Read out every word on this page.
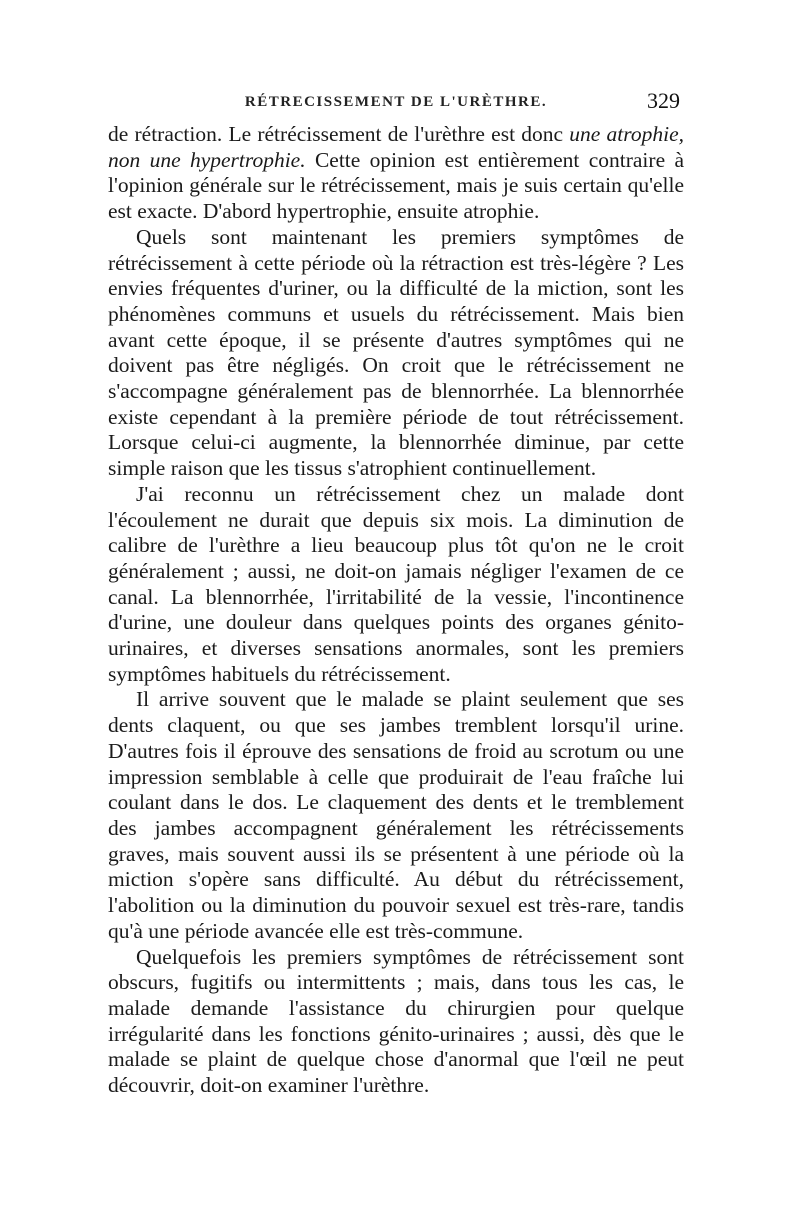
RÉTRECISSEMENT DE L'URÈTHRE.	329

de rétraction. Le rétrécissement de l'urèthre est donc une atrophie, non une hypertrophie. Cette opinion est entièrement contraire à l'opinion générale sur le rétrécissement, mais je suis certain qu'elle est exacte. D'abord hypertrophie, ensuite atrophie.

Quels sont maintenant les premiers symptômes de rétrécissement à cette période où la rétraction est très-légère ? Les envies fréquentes d'uriner, ou la difficulté de la miction, sont les phénomènes communs et usuels du rétrécissement. Mais bien avant cette époque, il se présente d'autres symptômes qui ne doivent pas être négligés. On croit que le rétrécissement ne s'accompagne généralement pas de blennorrhée. La blennorrhée existe cependant à la première période de tout rétrécissement. Lorsque celui-ci augmente, la blennorrhée diminue, par cette simple raison que les tissus s'atrophient continuellement.

J'ai reconnu un rétrécissement chez un malade dont l'écoulement ne durait que depuis six mois. La diminution de calibre de l'urèthre a lieu beaucoup plus tôt qu'on ne le croit généralement ; aussi, ne doit-on jamais négliger l'examen de ce canal. La blennorrhée, l'irritabilité de la vessie, l'incontinence d'urine, une douleur dans quelques points des organes génito-urinaires, et diverses sensations anormales, sont les premiers symptômes habituels du rétrécissement.

Il arrive souvent que le malade se plaint seulement que ses dents claquent, ou que ses jambes tremblent lorsqu'il urine. D'autres fois il éprouve des sensations de froid au scrotum ou une impression semblable à celle que produirait de l'eau fraîche lui coulant dans le dos. Le claquement des dents et le tremblement des jambes accompagnent généralement les rétrécissements graves, mais souvent aussi ils se présentent à une période où la miction s'opère sans difficulté. Au début du rétrécissement, l'abolition ou la diminution du pouvoir sexuel est très-rare, tandis qu'à une période avancée elle est très-commune.

Quelquefois les premiers symptômes de rétrécissement sont obscurs, fugitifs ou intermittents ; mais, dans tous les cas, le malade demande l'assistance du chirurgien pour quelque irrégularité dans les fonctions génito-urinaires ; aussi, dès que le malade se plaint de quelque chose d'anormal que l'œil ne peut découvrir, doit-on examiner l'urèthre.
